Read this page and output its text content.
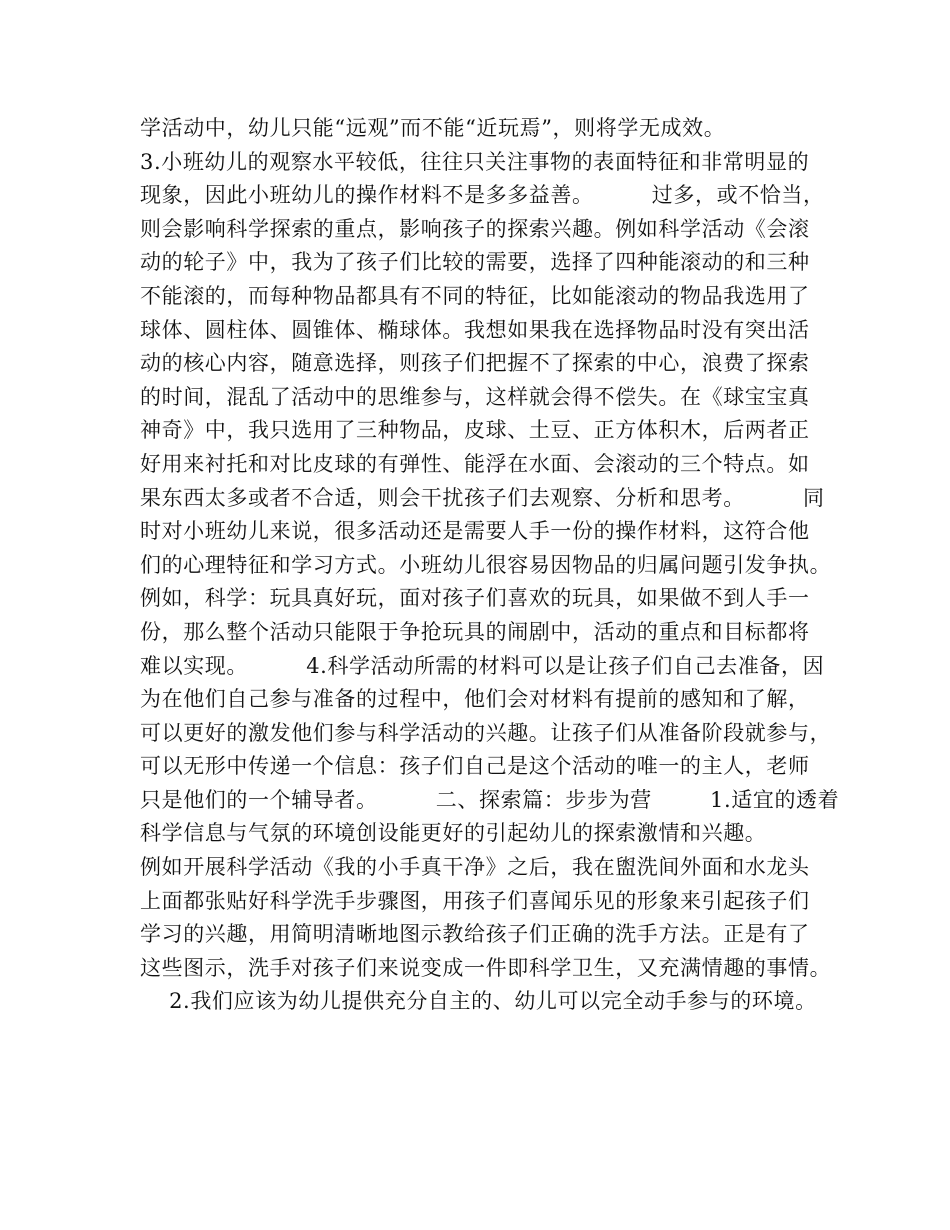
学活动中，幼儿只能“远观”而不能“近玩焉”，则将学无成效。
3.小班幼儿的观察水平较低，往往只关注事物的表面特征和非常明显的
现象，因此小班幼儿的操作材料不是多多益善。        过多，或不恰当，
则会影响科学探索的重点，影响孩子的探索兴趣。例如科学活动《会滚
动的轮子》中，我为了孩子们比较的需要，选择了四种能滚动的和三种
不能滚的，而每种物品都具有不同的特征，比如能滚动的物品我选用了
球体、圆柱体、圆锥体、椭球体。我想如果我在选择物品时没有突出活
动的核心内容，随意选择，则孩子们把握不了探索的中心，浪费了探索
的时间，混乱了活动中的思维参与，这样就会得不偿失。在《球宝宝真
神奇》中，我只选用了三种物品，皮球、土豆、正方体积木，后两者正
好用来衬托和对比皮球的有弹性、能浮在水面、会滚动的三个特点。如
果东西太多或者不合适，则会干扰孩子们去观察、分析和思考。        同
时对小班幼儿来说，很多活动还是需要人手一份的操作材料，这符合他
们的心理特征和学习方式。小班幼儿很容易因物品的归属问题引发争执。
例如，科学：玩具真好玩，面对孩子们喜欢的玩具，如果做不到人手一
份，那么整个活动只能限于争抢玩具的闹剧中，活动的重点和目标都将
难以实现。        4.科学活动所需的材料可以是让孩子们自己去准备，因
为在他们自己参与准备的过程中，他们会对材料有提前的感知和了解，
可以更好的激发他们参与科学活动的兴趣。让孩子们从准备阶段就参与，
可以无形中传递一个信息：孩子们自己是这个活动的唯一的主人，老师
只是他们的一个辅导者。        二、探索篇：步步为营        1.适宜的透着
科学信息与气氛的环境创设能更好的引起幼儿的探索激情和兴趣。
例如开展科学活动《我的小手真干净》之后，我在盥洗间外面和水龙头
上面都张贴好科学洗手步骤图，用孩子们喜闻乐见的形象来引起孩子们
学习的兴趣，用简明清晰地图示教给孩子们正确的洗手方法。正是有了
这些图示，洗手对孩子们来说变成一件即科学卫生，又充满情趣的事情。
2.我们应该为幼儿提供充分自主的、幼儿可以完全动手参与的环境。
